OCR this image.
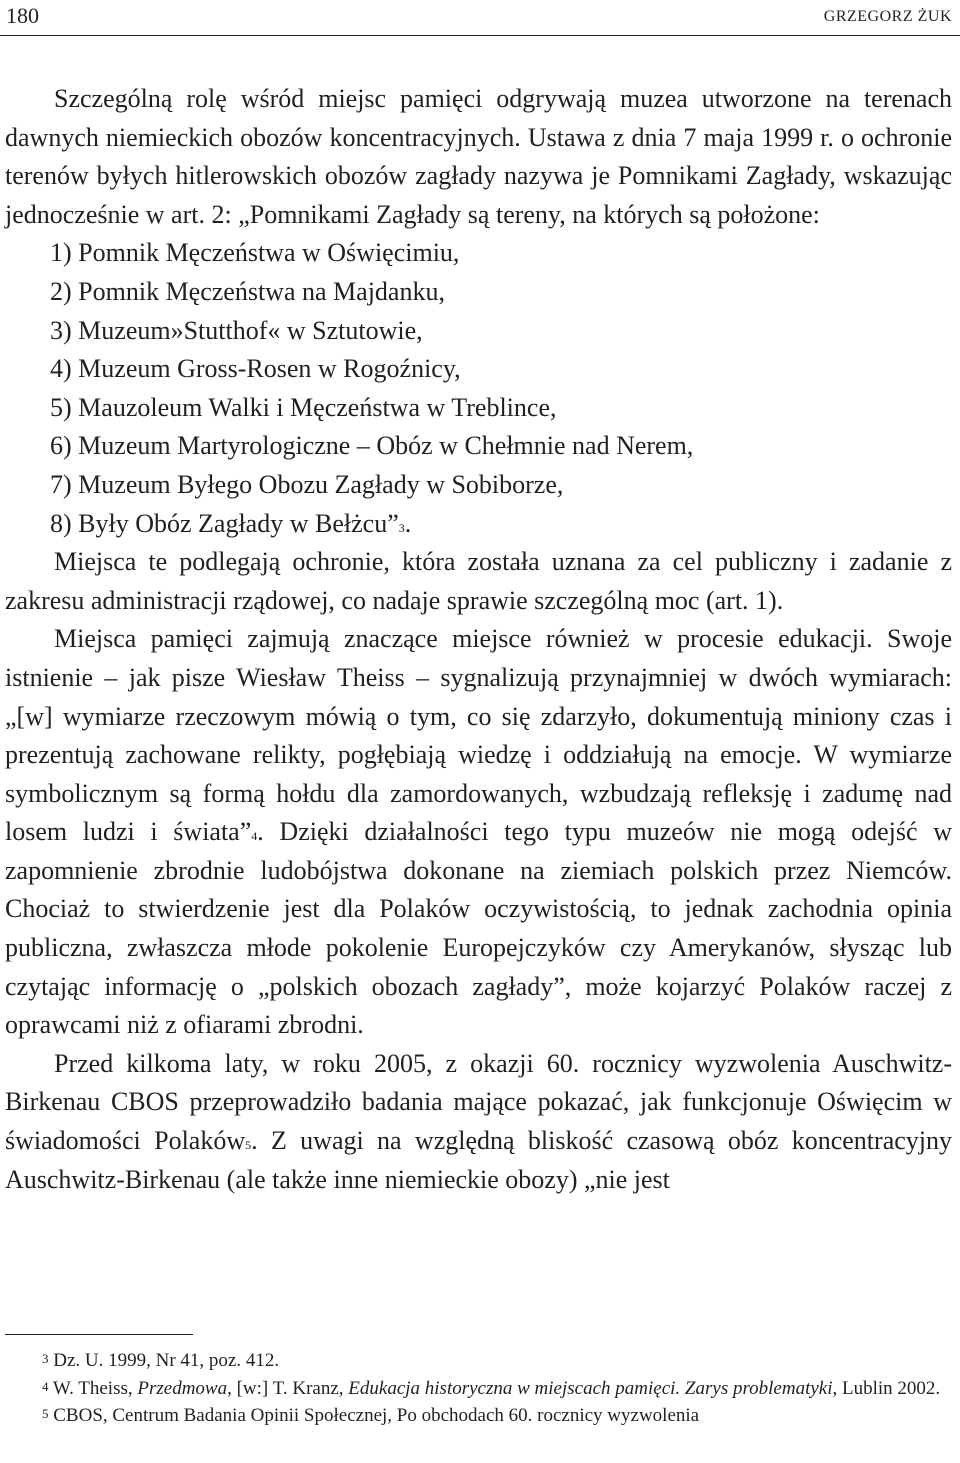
180	GRZEGORZ ŻUK

Szczególną rolę wśród miejsc pamięci odgrywają muzea utworzone na terenach dawnych niemieckich obozów koncentracyjnych. Ustawa z dnia 7 maja 1999 r. o ochronie terenów byłych hitlerowskich obozów zagłady nazywa je Pomnikami Zagłady, wskazując jednocześnie w art. 2: „Pomnikami Zagłady są tereny, na których są położone:

1) Pomnik Męczeństwa w Oświęcimiu,
2) Pomnik Męczeństwa na Majdanku,
3) Muzeum»Stutthof« w Sztutowie,
4) Muzeum Gross-Rosen w Rogoźnicy,
5) Mauzoleum Walki i Męczeństwa w Treblince,
6) Muzeum Martyrologiczne – Obóz w Chełmnie nad Nerem,
7) Muzeum Byłego Obozu Zagłady w Sobiborze,
8) Były Obóz Zagłady w Bełżcu”$^3$.

Miejsca te podlegają ochronie, która została uznana za cel publiczny i zadanie z zakresu administracji rządowej, co nadaje sprawie szczególną moc (art. 1).

Miejsca pamięci zajmują znaczące miejsce również w procesie edukacji. Swoje istnienie – jak pisze Wiesław Theiss – sygnalizują przynajmniej w dwóch wymiarach: „[w] wymiarze rzeczowym mówią o tym, co się zdarzyło, dokumentują miniony czas i prezentują zachowane relikty, pogłębiają wiedzę i oddziałują na emocje. W wymiarze symbolicznym są formą hołdu dla zamordowanych, wzbudzają refleksję i zadumę nad losem ludzi i świata”$^4$. Dzięki działalności tego typu muzeów nie mogą odejść w zapomnienie zbrodnie ludobójstwa dokonane na ziemiach polskich przez Niemców. Chociaż to stwierdzenie jest dla Polaków oczywistością, to jednak zachodnia opinia publiczna, zwłaszcza młode pokolenie Europejczyków czy Amerykanów, słysząc lub czytając informację o „polskich obozach zagłady”, może kojarzyć Polaków raczej z oprawcami niż z ofiarami zbrodni.

Przed kilkoma laty, w roku 2005, z okazji 60. rocznicy wyzwolenia Auschwitz-Birkenau CBOS przeprowadziło badania mające pokazać, jak funkcjonuje Oświęcim w świadomości Polaków$^5$. Z uwagi na względną bliskość czasową obóz koncentracyjny Auschwitz-Birkenau (ale także inne niemieckie obozy) „nie jest

$^3$ Dz. U. 1999, Nr 41, poz. 412.

$^4$ W. Theiss, Przedmowa, [w:] T. Kranz, Edukacja historyczna w miejscach pamięci. Zarys problematyki, Lublin 2002.

$^5$ CBOS, Centrum Badania Opinii Społecznej, Po obchodach 60. rocznicy wyzwolenia
